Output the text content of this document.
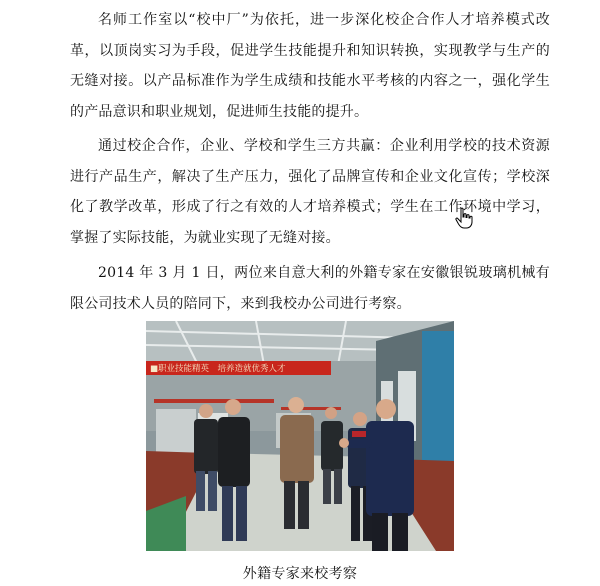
名师工作室以“校中厂”为依托，进一步深化校企合作人才培养模式改革，以顶岗实习为手段，促进学生技能提升和知识转换，实现教学与生产的无缝对接。以产品标准作为学生成绩和技能水平考核的内容之一，强化学生的产品意识和职业规划，促进师生技能的提升。

通过校企合作，企业、学校和学生三方共赢：企业利用学校的技术资源进行产品生产，解决了生产压力，强化了品牌宣传和企业文化宣传；学校深化了教学改革，形成了行之有效的人才培养模式；学生在工作环境中学习，掌握了实际技能，为就业实现了无缝对接。

2014 年 3 月 1 日，两位来自意大利的外籍专家在安徽银锐玻璃机械有限公司技术人员的陪同下，来到我校办公司进行考察。

■职业技能精英　培养造就优秀人才
外籍专家来校考察
